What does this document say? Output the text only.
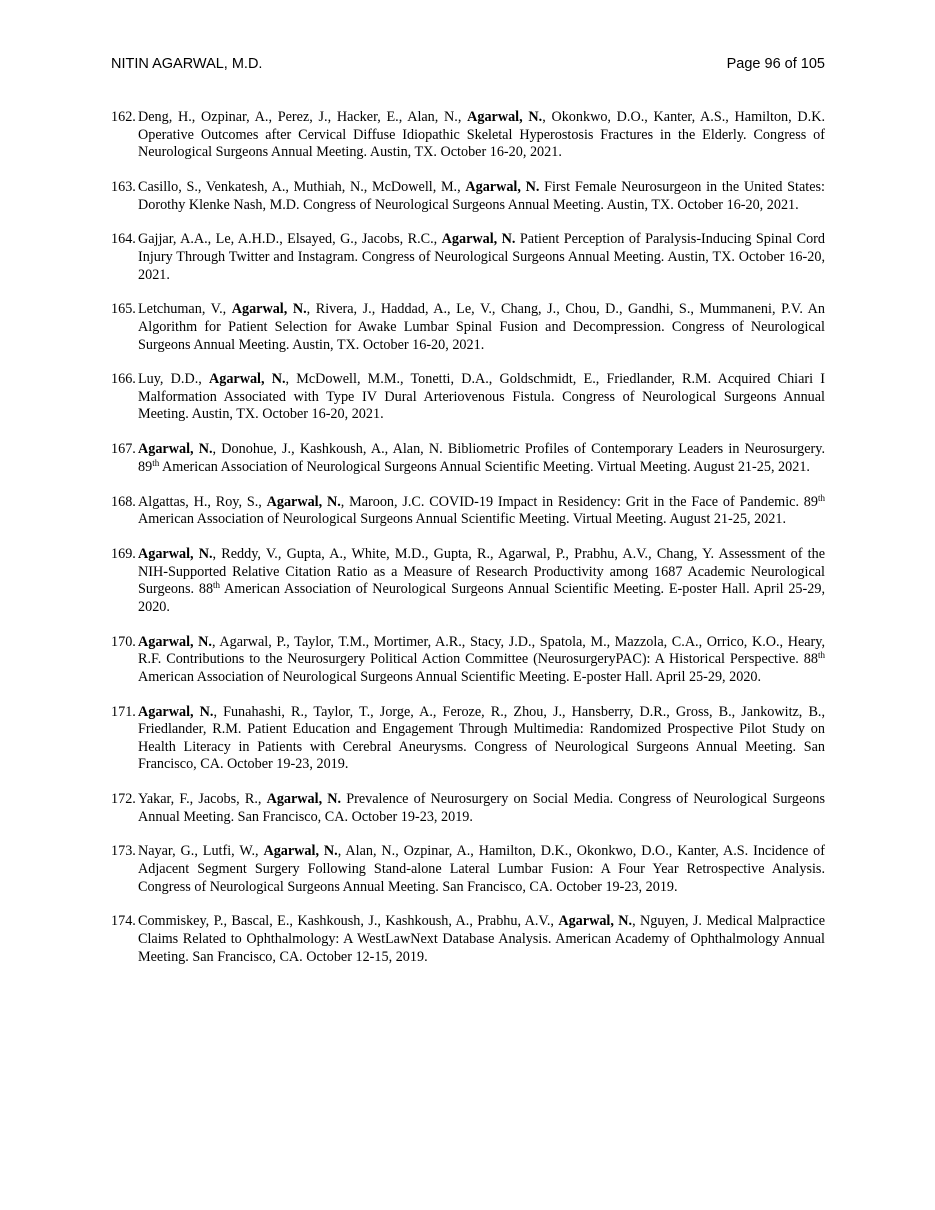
NITIN AGARWAL, M.D.	Page 96 of 105
162. Deng, H., Ozpinar, A., Perez, J., Hacker, E., Alan, N., Agarwal, N., Okonkwo, D.O., Kanter, A.S., Hamilton, D.K. Operative Outcomes after Cervical Diffuse Idiopathic Skeletal Hyperostosis Fractures in the Elderly. Congress of Neurological Surgeons Annual Meeting. Austin, TX. October 16-20, 2021.
163. Casillo, S., Venkatesh, A., Muthiah, N., McDowell, M., Agarwal, N. First Female Neurosurgeon in the United States: Dorothy Klenke Nash, M.D. Congress of Neurological Surgeons Annual Meeting. Austin, TX. October 16-20, 2021.
164. Gajjar, A.A., Le, A.H.D., Elsayed, G., Jacobs, R.C., Agarwal, N. Patient Perception of Paralysis-Inducing Spinal Cord Injury Through Twitter and Instagram. Congress of Neurological Surgeons Annual Meeting. Austin, TX. October 16-20, 2021.
165. Letchuman, V., Agarwal, N., Rivera, J., Haddad, A., Le, V., Chang, J., Chou, D., Gandhi, S., Mummaneni, P.V. An Algorithm for Patient Selection for Awake Lumbar Spinal Fusion and Decompression. Congress of Neurological Surgeons Annual Meeting. Austin, TX. October 16-20, 2021.
166. Luy, D.D., Agarwal, N., McDowell, M.M., Tonetti, D.A., Goldschmidt, E., Friedlander, R.M. Acquired Chiari I Malformation Associated with Type IV Dural Arteriovenous Fistula. Congress of Neurological Surgeons Annual Meeting. Austin, TX. October 16-20, 2021.
167. Agarwal, N., Donohue, J., Kashkoush, A., Alan, N. Bibliometric Profiles of Contemporary Leaders in Neurosurgery. 89th American Association of Neurological Surgeons Annual Scientific Meeting. Virtual Meeting. August 21-25, 2021.
168. Algattas, H., Roy, S., Agarwal, N., Maroon, J.C. COVID-19 Impact in Residency: Grit in the Face of Pandemic. 89th American Association of Neurological Surgeons Annual Scientific Meeting. Virtual Meeting. August 21-25, 2021.
169. Agarwal, N., Reddy, V., Gupta, A., White, M.D., Gupta, R., Agarwal, P., Prabhu, A.V., Chang, Y. Assessment of the NIH-Supported Relative Citation Ratio as a Measure of Research Productivity among 1687 Academic Neurological Surgeons. 88th American Association of Neurological Surgeons Annual Scientific Meeting. E-poster Hall. April 25-29, 2020.
170. Agarwal, N., Agarwal, P., Taylor, T.M., Mortimer, A.R., Stacy, J.D., Spatola, M., Mazzola, C.A., Orrico, K.O., Heary, R.F. Contributions to the Neurosurgery Political Action Committee (NeurosurgeryPAC): A Historical Perspective. 88th American Association of Neurological Surgeons Annual Scientific Meeting. E-poster Hall. April 25-29, 2020.
171. Agarwal, N., Funahashi, R., Taylor, T., Jorge, A., Feroze, R., Zhou, J., Hansberry, D.R., Gross, B., Jankowitz, B., Friedlander, R.M. Patient Education and Engagement Through Multimedia: Randomized Prospective Pilot Study on Health Literacy in Patients with Cerebral Aneurysms. Congress of Neurological Surgeons Annual Meeting. San Francisco, CA. October 19-23, 2019.
172. Yakar, F., Jacobs, R., Agarwal, N. Prevalence of Neurosurgery on Social Media. Congress of Neurological Surgeons Annual Meeting. San Francisco, CA. October 19-23, 2019.
173. Nayar, G., Lutfi, W., Agarwal, N., Alan, N., Ozpinar, A., Hamilton, D.K., Okonkwo, D.O., Kanter, A.S. Incidence of Adjacent Segment Surgery Following Stand-alone Lateral Lumbar Fusion: A Four Year Retrospective Analysis. Congress of Neurological Surgeons Annual Meeting. San Francisco, CA. October 19-23, 2019.
174. Commiskey, P., Bascal, E., Kashkoush, J., Kashkoush, A., Prabhu, A.V., Agarwal, N., Nguyen, J. Medical Malpractice Claims Related to Ophthalmology: A WestLawNext Database Analysis. American Academy of Ophthalmology Annual Meeting. San Francisco, CA. October 12-15, 2019.
